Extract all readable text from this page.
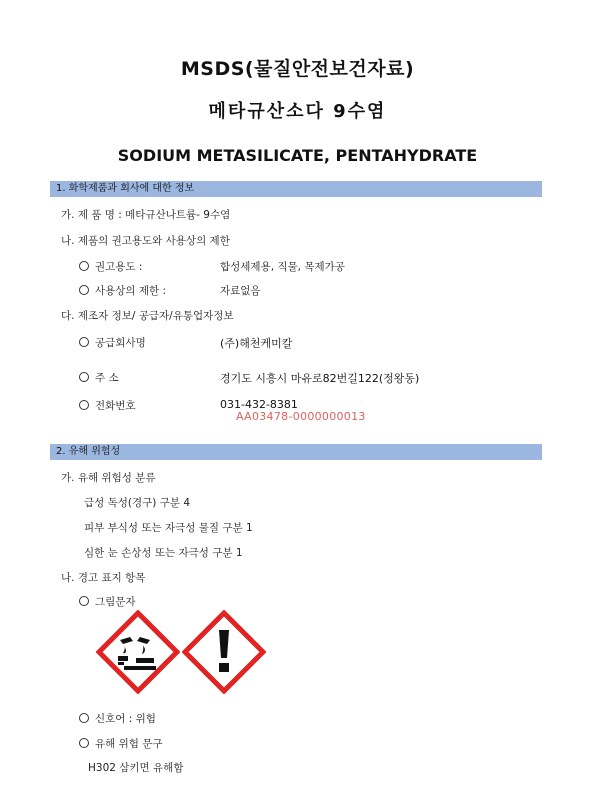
MSDS(물질안전보건자료)
메타규산소다 9수염
SODIUM METASILICATE, PENTAHYDRATE
1. 화학제품과 회사에 대한 정보
가. 제 품 명 : 메타규산나트륨- 9수염
나. 제품의 권고용도와 사용상의 제한
권고용도 :	합성세제용, 직물, 목제가공
사용상의 제한 :	자료없음
다. 제조자 정보/ 공급자/유통업자정보
공급회사명	(주)해천케미칼
주 소	경기도 시흥시 마유로82번길122(정왕동)
전화번호	031-432-8381
AA03478-0000000013
2. 유해 위험성
가. 유해 위험성 분류
급성 독성(경구) 구분 4
피부 부식성 또는 자극성 물질 구분 1
심한 눈 손상성 또는 자극성 구분 1
나. 경고 표지 항목
그림문자
신호어 : 위험
유해 위험 문구
H302 삼키면 유해함
